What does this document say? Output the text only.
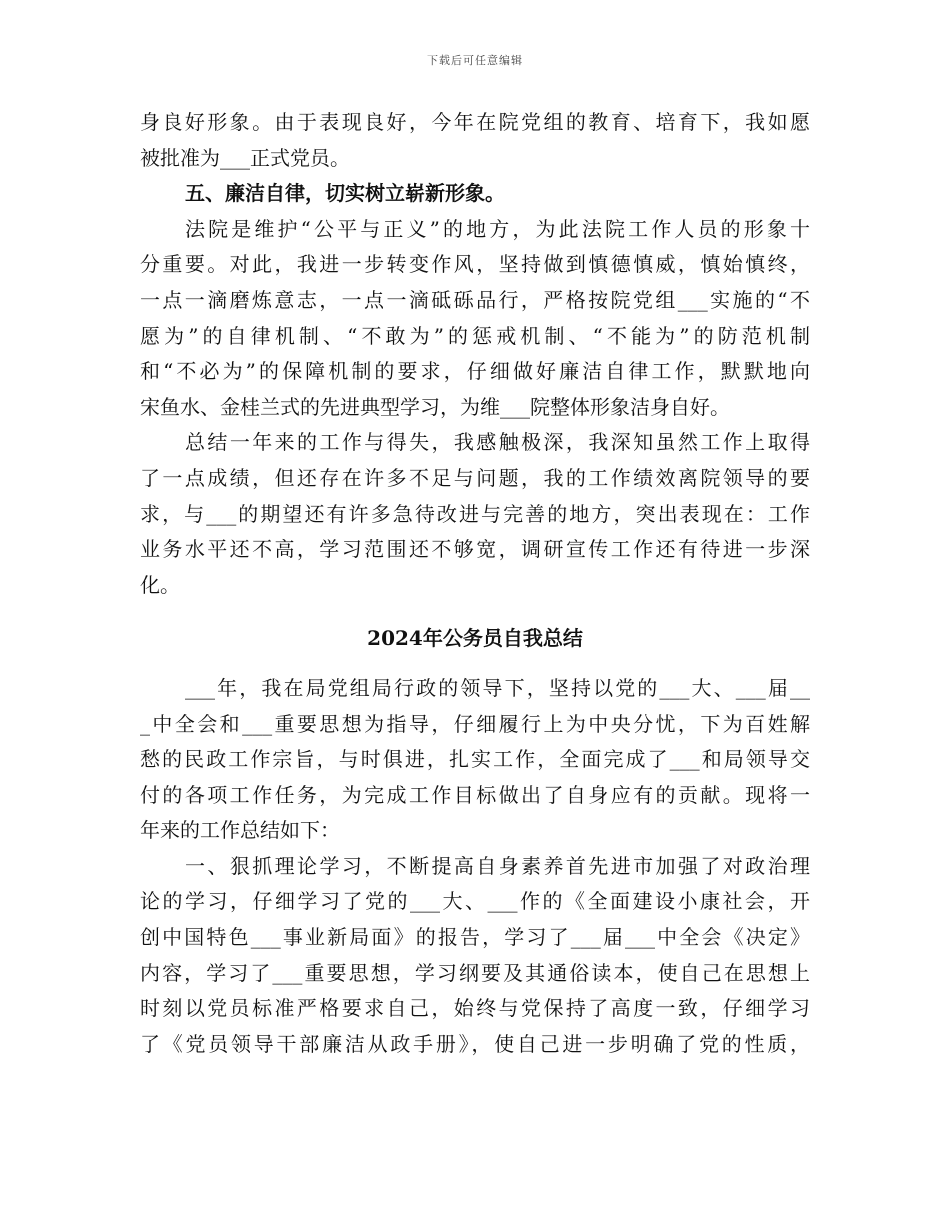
下载后可任意编辑
身良好形象。由于表现良好，今年在院党组的教育、培育下，我如愿
被批准为___正式党员。
五、廉洁自律，切实树立崭新形象。
法院是维护“公平与正义”的地方，为此法院工作人员的形象十
分重要。对此，我进一步转变作风，坚持做到慎德慎威，慎始慎终，
一点一滴磨炼意志，一点一滴砥砾品行，严格按院党组___实施的“不
愿为”的自律机制、“不敢为”的惩戒机制、“不能为”的防范机制
和“不必为”的保障机制的要求，仔细做好廉洁自律工作，默默地向
宋鱼水、金桂兰式的先进典型学习，为维___院整体形象洁身自好。
总结一年来的工作与得失，我感触极深，我深知虽然工作上取得
了一点成绩，但还存在许多不足与问题，我的工作绩效离院领导的要
求，与___的期望还有许多急待改进与完善的地方，突出表现在：工作
业务水平还不高，学习范围还不够宽，调研宣传工作还有待进一步深
化。
2024年公务员自我总结
___年，我在局党组局行政的领导下，坚持以党的___大、___届__
_中全会和___重要思想为指导，仔细履行上为中央分忧，下为百姓解
愁的民政工作宗旨，与时俱进，扎实工作，全面完成了___和局领导交
付的各项工作任务，为完成工作目标做出了自身应有的贡献。现将一
年来的工作总结如下：
一、狠抓理论学习，不断提高自身素养首先进市加强了对政治理
论的学习，仔细学习了党的___大、___作的《全面建设小康社会，开
创中国特色___事业新局面》的报告，学习了___届___中全会《决定》
内容，学习了___重要思想，学习纲要及其通俗读本，使自己在思想上
时刻以党员标准严格要求自己，始终与党保持了高度一致，仔细学习
了《党员领导干部廉洁从政手册》，使自己进一步明确了党的性质，
